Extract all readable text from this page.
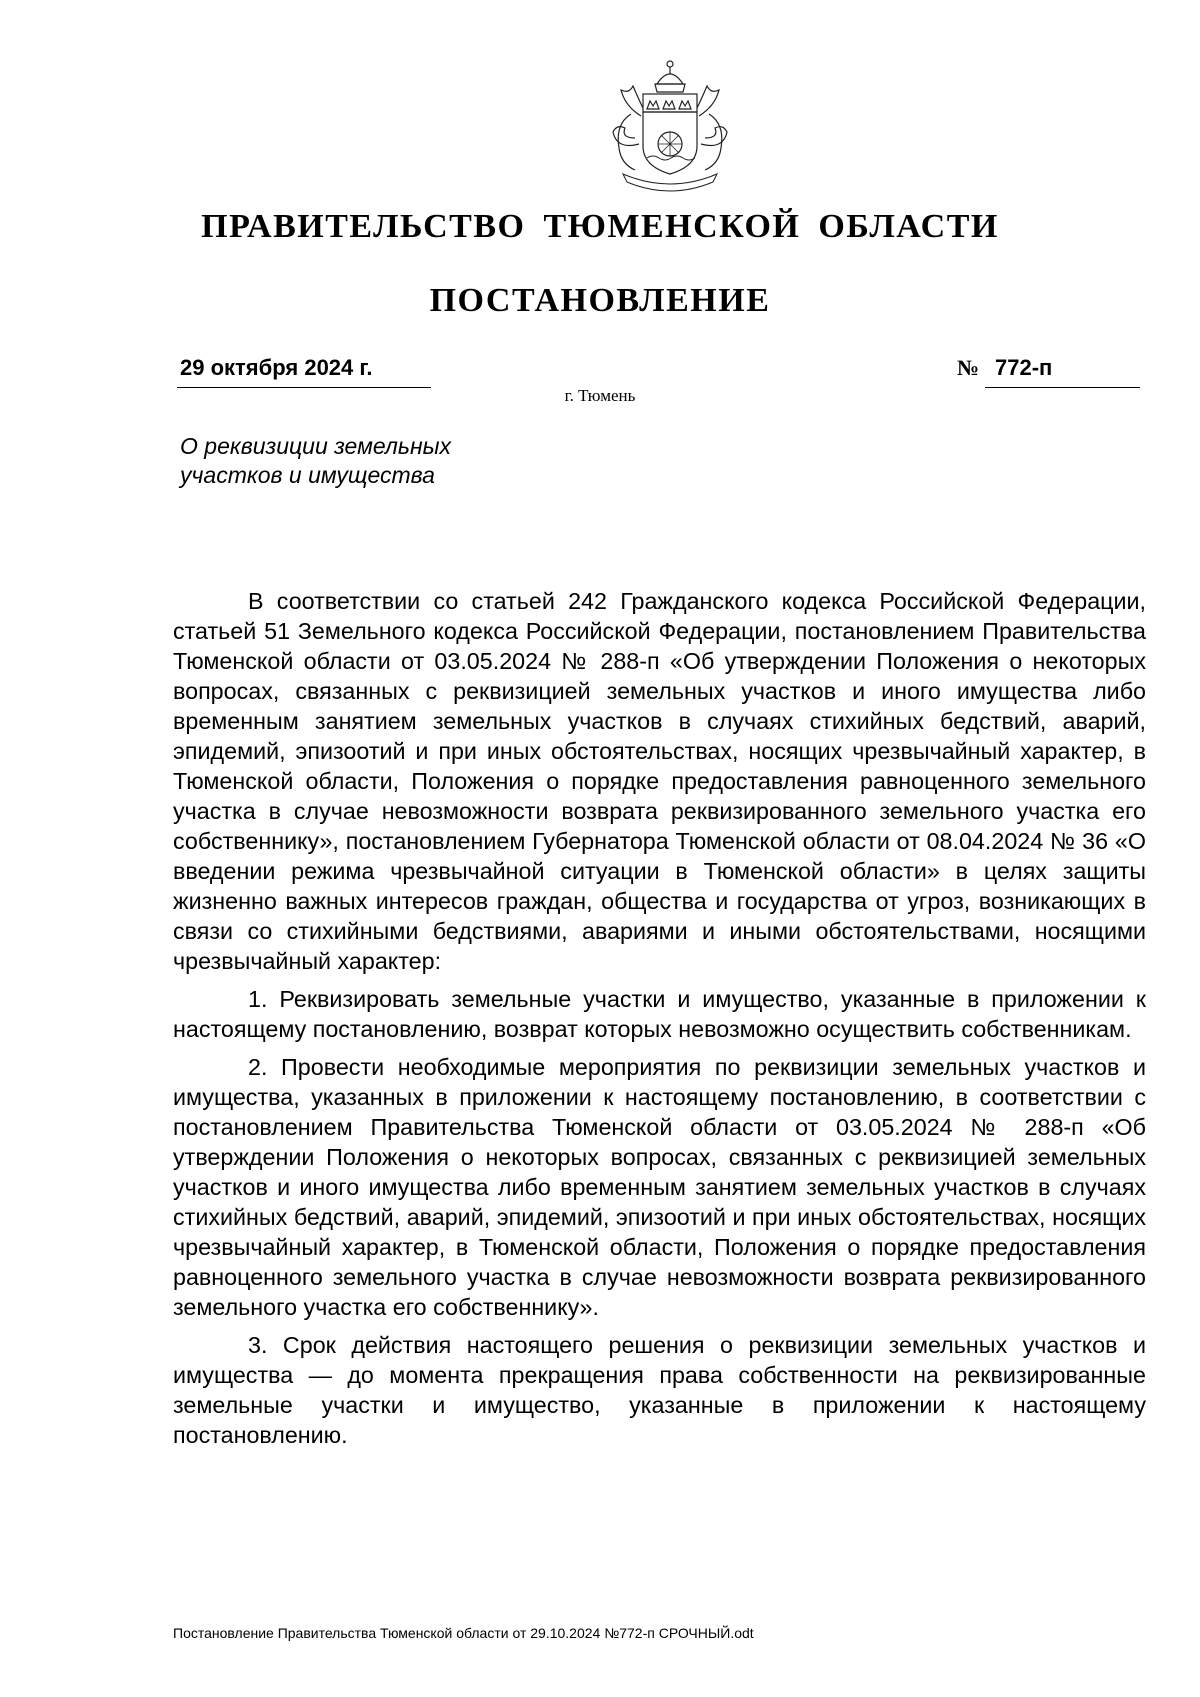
ПРАВИТЕЛЬСТВО ТЮМЕНСКОЙ ОБЛАСТИ
ПОСТАНОВЛЕНИЕ
29 октября 2024 г.	№ 772-п
г. Тюмень
О реквизиции земельных
участков и имущества

В соответствии со статьей 242 Гражданского кодекса Российской Федерации, статьей 51 Земельного кодекса Российской Федерации, постановлением Правительства Тюменской области от 03.05.2024 № 288-п «Об утверждении Положения о некоторых вопросах, связанных с реквизицией земельных участков и иного имущества либо временным занятием земельных участков в случаях стихийных бедствий, аварий, эпидемий, эпизоотий и при иных обстоятельствах, носящих чрезвычайный характер, в Тюменской области, Положения о порядке предоставления равноценного земельного участка в случае невозможности возврата реквизированного земельного участка его собственнику», постановлением Губернатора Тюменской области от 08.04.2024 № 36 «О введении режима чрезвычайной ситуации в Тюменской области» в целях защиты жизненно важных интересов граждан, общества и государства от угроз, возникающих в связи со стихийными бедствиями, авариями и иными обстоятельствами, носящими чрезвычайный характер:

1. Реквизировать земельные участки и имущество, указанные в приложении к настоящему постановлению, возврат которых невозможно осуществить собственникам.

2. Провести необходимые мероприятия по реквизиции земельных участков и имущества, указанных в приложении к настоящему постановлению, в соответствии с постановлением Правительства Тюменской области от 03.05.2024 № 288-п «Об утверждении Положения о некоторых вопросах, связанных с реквизицией земельных участков и иного имущества либо временным занятием земельных участков в случаях стихийных бедствий, аварий, эпидемий, эпизоотий и при иных обстоятельствах, носящих чрезвычайный характер, в Тюменской области, Положения о порядке предоставления равноценного земельного участка в случае невозможности возврата реквизированного земельного участка его собственнику».

3. Срок действия настоящего решения о реквизиции земельных участков и имущества — до момента прекращения права собственности на реквизированные земельные участки и имущество, указанные в приложении к настоящему постановлению.

Постановление Правительства Тюменской области от 29.10.2024 №772-п СРОЧНЫЙ.odt
